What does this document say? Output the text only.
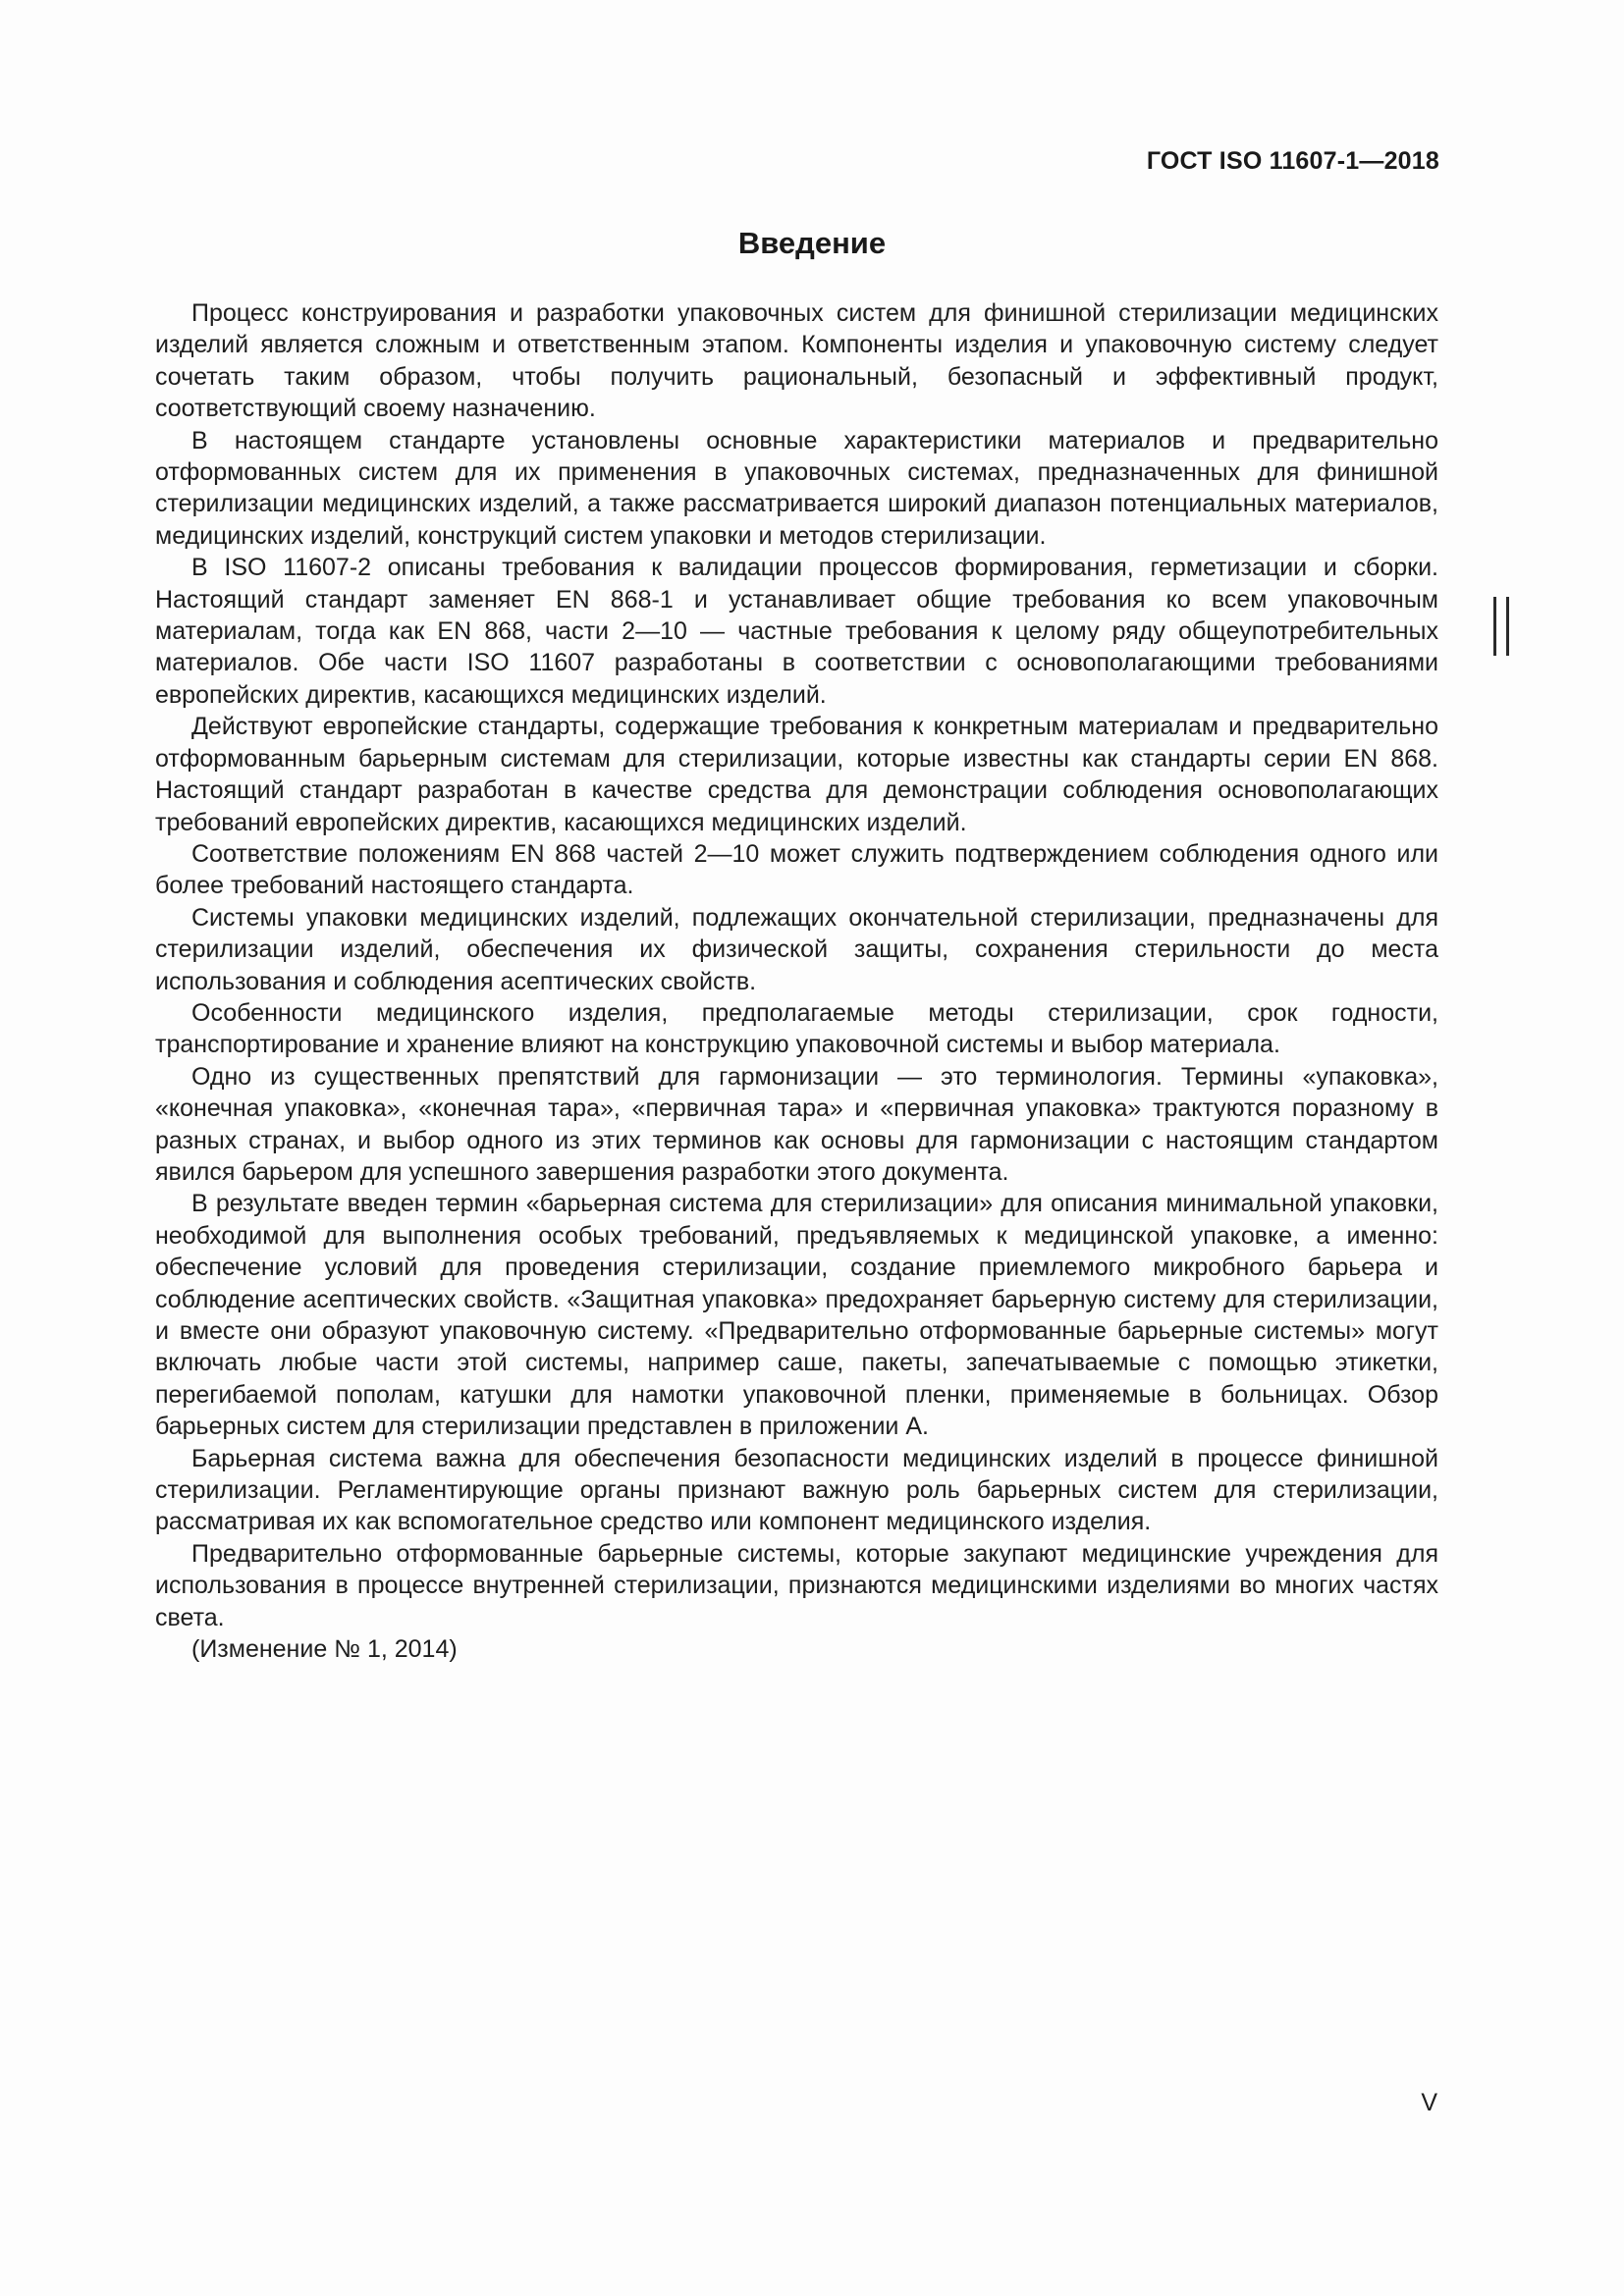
ГОСТ ISO 11607-1—2018
Введение

Процесс конструирования и разработки упаковочных систем для финишной стерилизации медицинских изделий является сложным и ответственным этапом. Компоненты изделия и упаковочную систему следует сочетать таким образом, чтобы получить рациональный, безопасный и эффективный продукт, соответствующий своему назначению.

В настоящем стандарте установлены основные характеристики материалов и предварительно отформованных систем для их применения в упаковочных системах, предназначенных для финишной стерилизации медицинских изделий, а также рассматривается широкий диапазон потенциальных материалов, медицинских изделий, конструкций систем упаковки и методов стерилизации.

В ISO 11607-2 описаны требования к валидации процессов формирования, герметизации и сборки. Настоящий стандарт заменяет EN 868-1 и устанавливает общие требования ко всем упаковочным материалам, тогда как EN 868, части 2—10 — частные требования к целому ряду общеупотребительных материалов. Обе части ISO 11607 разработаны в соответствии с основополагающими требованиями европейских директив, касающихся медицинских изделий.

Действуют европейские стандарты, содержащие требования к конкретным материалам и предварительно отформованным барьерным системам для стерилизации, которые известны как стандарты серии EN 868. Настоящий стандарт разработан в качестве средства для демонстрации соблюдения основополагающих требований европейских директив, касающихся медицинских изделий.

Соответствие положениям EN 868 частей 2—10 может служить подтверждением соблюдения одного или более требований настоящего стандарта.

Системы упаковки медицинских изделий, подлежащих окончательной стерилизации, предназначены для стерилизации изделий, обеспечения их физической защиты, сохранения стерильности до места использования и соблюдения асептических свойств.

Особенности медицинского изделия, предполагаемые методы стерилизации, срок годности, транспортирование и хранение влияют на конструкцию упаковочной системы и выбор материала.

Одно из существенных препятствий для гармонизации — это терминология. Термины «упаковка», «конечная упаковка», «конечная тара», «первичная тара» и «первичная упаковка» трактуются поразному в разных странах, и выбор одного из этих терминов как основы для гармонизации с настоящим стандартом явился барьером для успешного завершения разработки этого документа.

В результате введен термин «барьерная система для стерилизации» для описания минимальной упаковки, необходимой для выполнения особых требований, предъявляемых к медицинской упаковке, а именно: обеспечение условий для проведения стерилизации, создание приемлемого микробного барьера и соблюдение асептических свойств. «Защитная упаковка» предохраняет барьерную систему для стерилизации, и вместе они образуют упаковочную систему. «Предварительно отформованные барьерные системы» могут включать любые части этой системы, например саше, пакеты, запечатываемые с помощью этикетки, перегибаемой пополам, катушки для намотки упаковочной пленки, применяемые в больницах. Обзор барьерных систем для стерилизации представлен в приложении А.

Барьерная система важна для обеспечения безопасности медицинских изделий в процессе финишной стерилизации. Регламентирующие органы признают важную роль барьерных систем для стерилизации, рассматривая их как вспомогательное средство или компонент медицинского изделия.

Предварительно отформованные барьерные системы, которые закупают медицинские учреждения для использования в процессе внутренней стерилизации, признаются медицинскими изделиями во многих частях света.

(Изменение № 1, 2014)

V
